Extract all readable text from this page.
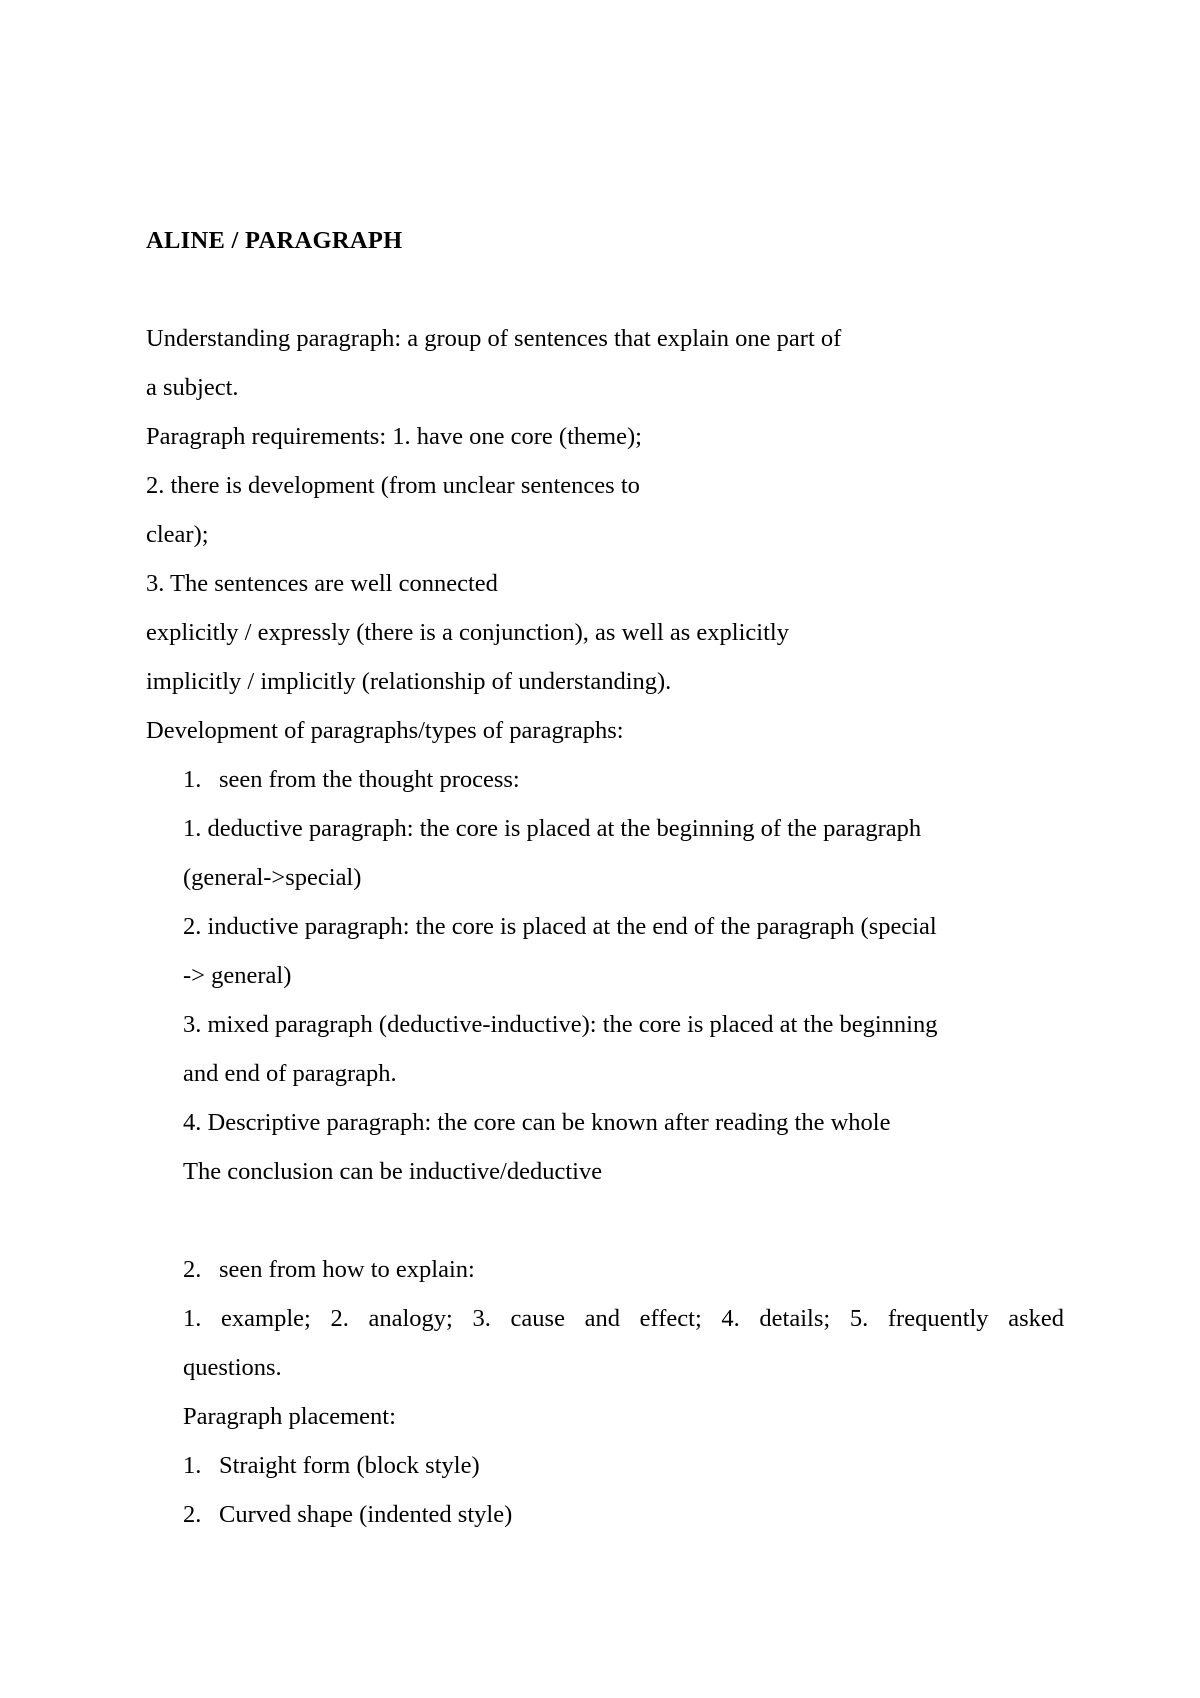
ALINE / PARAGRAPH

Understanding paragraph: a group of sentences that explain one part of

a subject.

Paragraph requirements: 1. have one core (theme);

2. there is development (from unclear sentences to

clear);

3. The sentences are well connected

explicitly / expressly (there is a conjunction), as well as explicitly

implicitly / implicitly (relationship of understanding).

Development of paragraphs/types of paragraphs:

1. seen from the thought process:

1. deductive paragraph: the core is placed at the beginning of the paragraph

(general->special)

2. inductive paragraph: the core is placed at the end of the paragraph (special

-> general)

3. mixed paragraph (deductive-inductive): the core is placed at the beginning

and end of paragraph.

4. Descriptive paragraph: the core can be known after reading the whole

The conclusion can be inductive/deductive

2. seen from how to explain:

1. example; 2. analogy; 3. cause and effect; 4. details; 5. frequently asked

questions.

Paragraph placement:

1. Straight form (block style)

2. Curved shape (indented style)
